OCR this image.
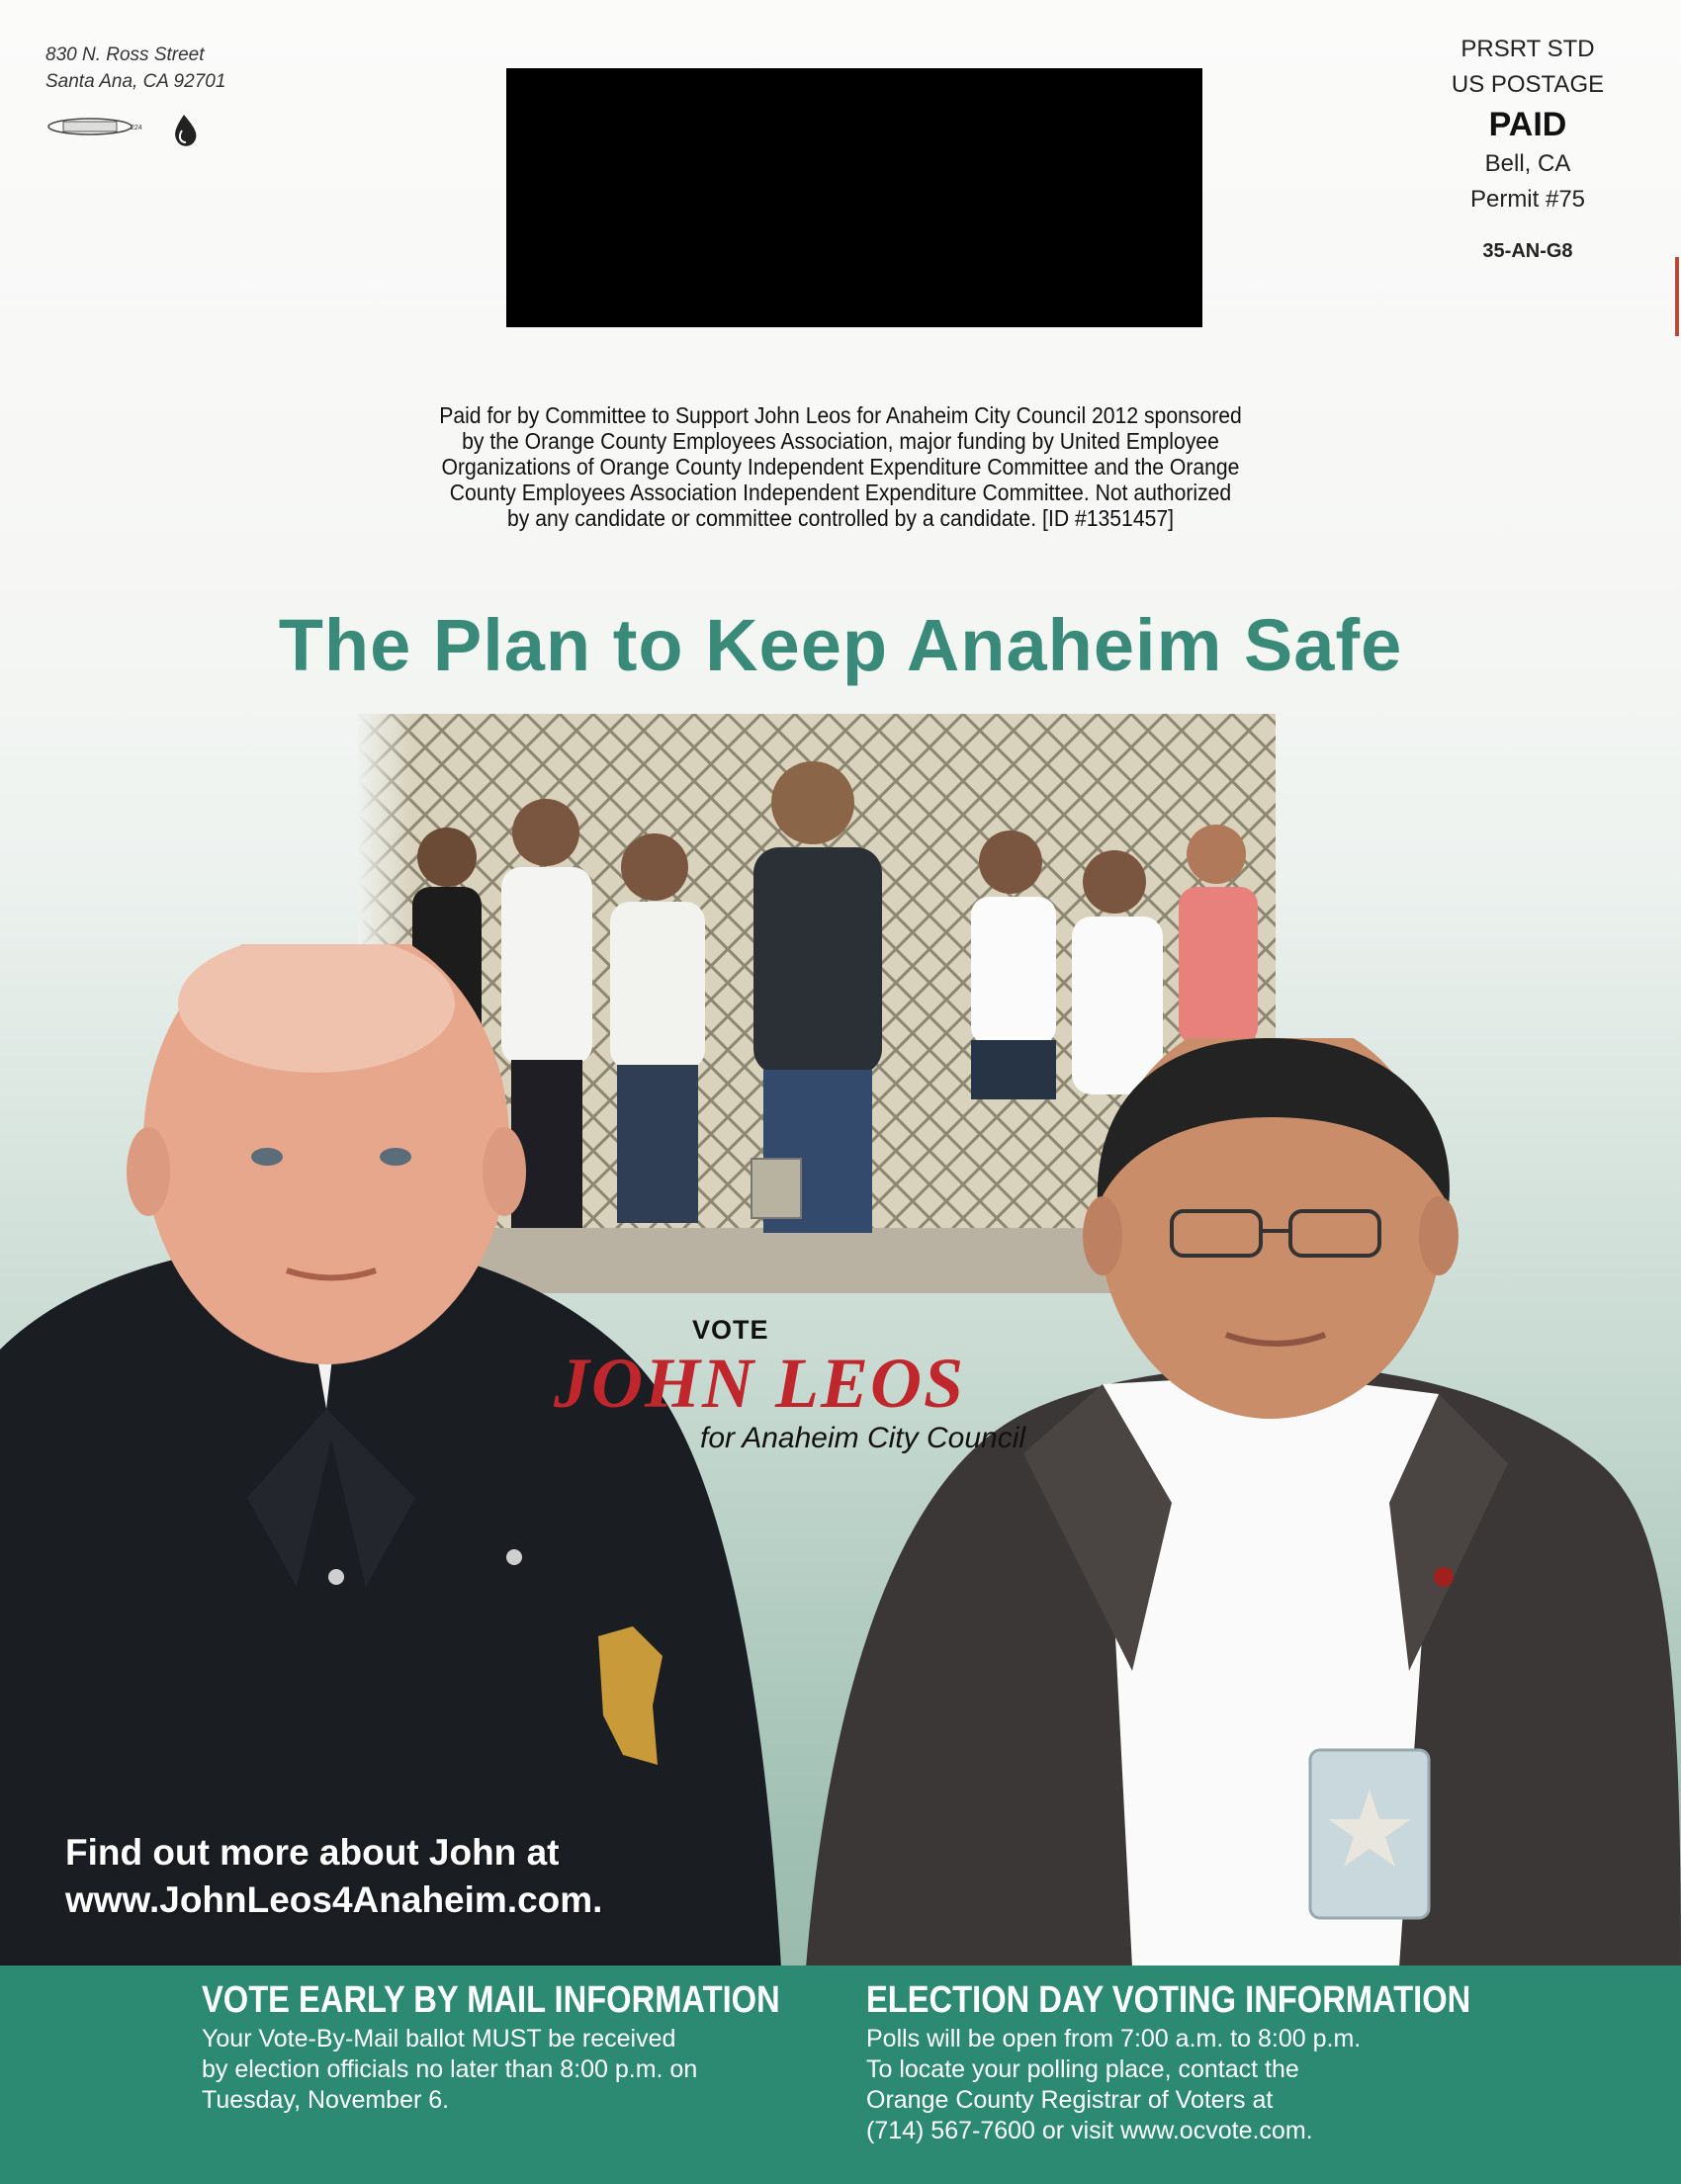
830 N. Ross Street
Santa Ana, CA 92701
224
PRSRT STD
US POSTAGE
PAID
Bell, CA
Permit #75
35-AN-G8
Paid for by Committee to Support John Leos for Anaheim City Council 2012 sponsored
by the Orange County Employees Association, major funding by United Employee
Organizations of Orange County Independent Expenditure Committee and the Orange
County Employees Association Independent Expenditure Committee. Not authorized
by any candidate or committee controlled by a candidate. [ID #1351457]
The Plan to Keep Anaheim Safe
VOTE
JOHN LEOS
for Anaheim City Council
Find out more about John at
www.JohnLeos4Anaheim.com.
VOTE EARLY BY MAIL INFORMATION
Your Vote-By-Mail ballot MUST be received
by election officials no later than 8:00 p.m. on
Tuesday, November 6.
ELECTION DAY VOTING INFORMATION
Polls will be open from 7:00 a.m. to 8:00 p.m.
To locate your polling place, contact the
Orange County Registrar of Voters at
(714) 567-7600 or visit www.ocvote.com.
